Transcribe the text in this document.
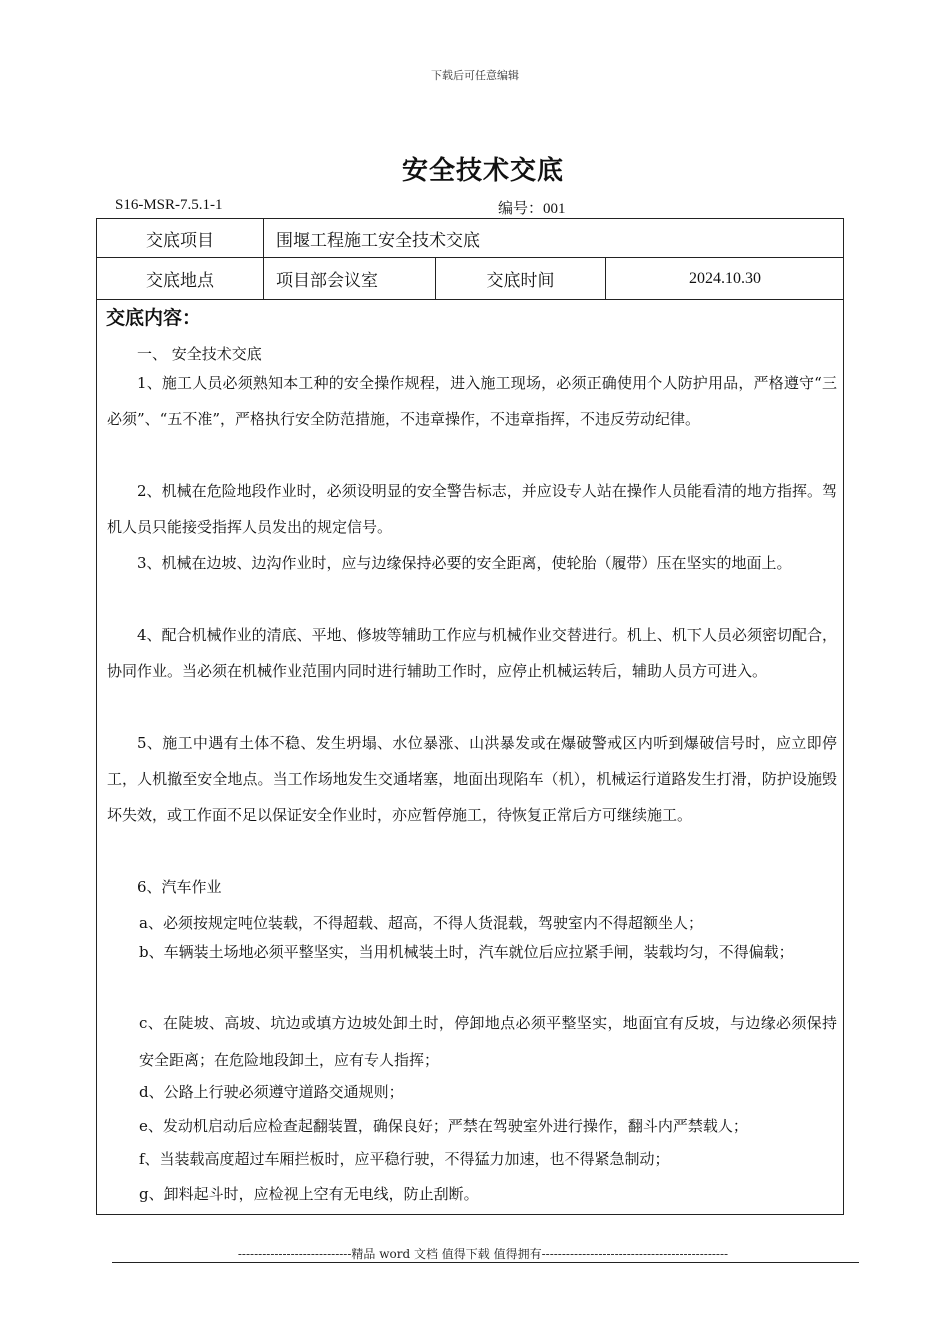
下载后可任意编辑
安全技术交底
S16-MSR-7.5.1-1	编号：001
交底项目	围堰工程施工安全技术交底
交底地点	项目部会议室	交底时间	2024.10.30
交底内容：
一、 安全技术交底
1、施工人员必须熟知本工种的安全操作规程，进入施工现场，必须正确使用个人防护用品，严格遵守“三必须”、“五不准”，严格执行安全防范措施，不违章操作，不违章指挥，不违反劳动纪律。
2、机械在危险地段作业时，必须设明显的安全警告标志，并应设专人站在操作人员能看清的地方指挥。驾机人员只能接受指挥人员发出的规定信号。
3、机械在边坡、边沟作业时，应与边缘保持必要的安全距离，使轮胎（履带）压在坚实的地面上。
4、配合机械作业的清底、平地、修坡等辅助工作应与机械作业交替进行。机上、机下人员必须密切配合，协同作业。当必须在机械作业范围内同时进行辅助工作时，应停止机械运转后，辅助人员方可进入。
5、施工中遇有土体不稳、发生坍塌、水位暴涨、山洪暴发或在爆破警戒区内听到爆破信号时，应立即停工，人机撤至安全地点。当工作场地发生交通堵塞，地面出现陷车（机），机械运行道路发生打滑，防护设施毁坏失效，或工作面不足以保证安全作业时，亦应暂停施工，待恢复正常后方可继续施工。
6、汽车作业
a、必须按规定吨位装载，不得超载、超高，不得人货混载，驾驶室内不得超额坐人；
b、车辆装土场地必须平整坚实，当用机械装土时，汽车就位后应拉紧手闸，装载均匀，不得偏载；
c、在陡坡、高坡、坑边或填方边坡处卸土时，停卸地点必须平整坚实，地面宜有反坡，与边缘必须保持安全距离；在危险地段卸土，应有专人指挥；
d、公路上行驶必须遵守道路交通规则；
e、发动机启动后应检查起翻装置，确保良好；严禁在驾驶室外进行操作，翻斗内严禁载人；
f、当装载高度超过车厢拦板时，应平稳行驶，不得猛力加速，也不得紧急制动；
g、卸料起斗时，应检视上空有无电线，防止刮断。
----------------------------精品 word 文档 值得下载 值得拥有----------------------------------------------
